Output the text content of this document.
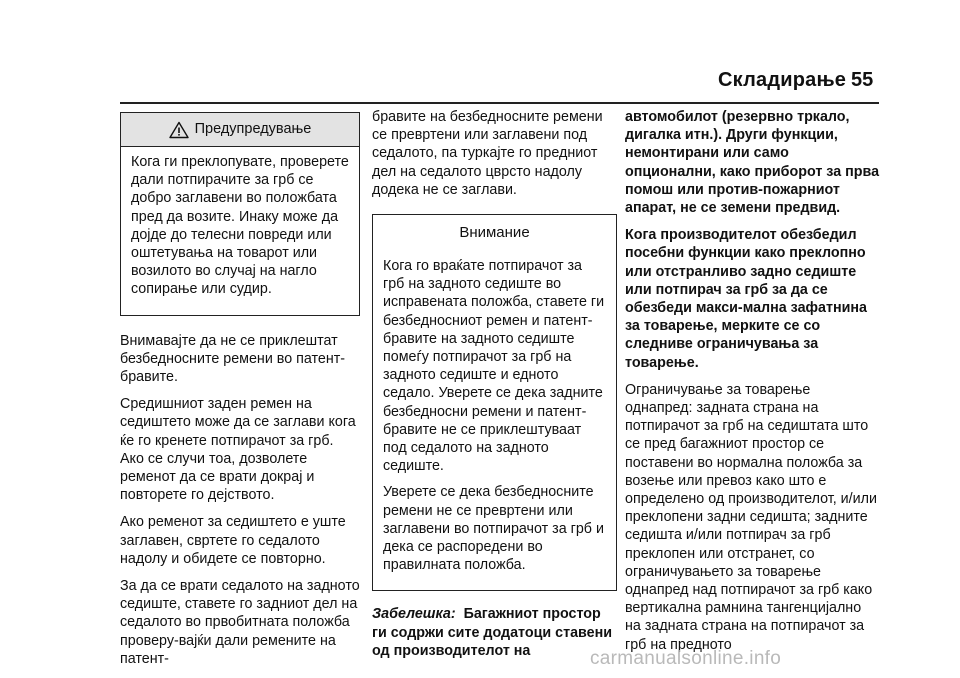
Складирање 55
Предупредување

Кога ги преклопувате, проверете дали потпирачите за грб се добро заглавени во положбата пред да возите. Инаку може да дојде до телесни повреди или оштетувања на товарот или возилото во случај на нагло сопирање или судир.

Внимавајте да не се приклештат безбедносните ремени во патент-бравите.

Средишниот заден ремен на седиштето може да се заглави кога ќе го кренете потпирачот за грб. Ако се случи тоа, дозволете ременот да се врати докрај и повторете го дејството.

Ако ременот за седиштето е уште заглавен, свртете го седалото надолу и обидете се повторно.

За да се врати седалото на задното седиште, ставете го задниот дел на седалото во првобитната положба проверу-вајќи дали ремените на патент-

бравите на безбедносните ремени се превртени или заглавени под седалото, па туркајте го предниот дел на седалото цврсто надолу додека не се заглави.

Внимание

Кога го враќате потпирачот за грб на задното седиште во исправената положба, ставете ги безбедносниот ремен и патент-бравите на задното седиште помеѓу потпирачот за грб на задното седиште и едното седало. Уверете се дека задните безбедносни ремени и патент-бравите не се приклештуваат под седалото на задното седиште.

Уверете се дека безбедносните ремени не се превртени или заглавени во потпирачот за грб и дека се распоредени во правилната положба.

Забелешка: Багажниот простор ги содржи сите додатоци ставени од производителот на

автомобилот (резервно тркало, дигалка итн.). Други функции, немонтирани или само опционални, како приборот за прва помош или против-пожарниот апарат, не се земени предвид.

Кога производителот обезбедил посебни функции како преклопно или отстранливо задно седиште или потпирач за грб за да се обезбеди макси-мална зафатнина за товарење, мерките се со следниве ограничувања за товарење.

Ограничување за товарење однапред: задната страна на потпирачот за грб на седиштата што се пред багажниот простор се поставени во нормална положба за возење или превоз како што е определено од производителот, и/или преклопени задни седишта; задните седишта и/или потпирач за грб преклопен или отстранет, со ограничувањето за товарење однапред над потпирачот за грб како вертикална рамнина тангенцијално на задната страна на потпирачот за грб на предното

carmanualsonline.info
